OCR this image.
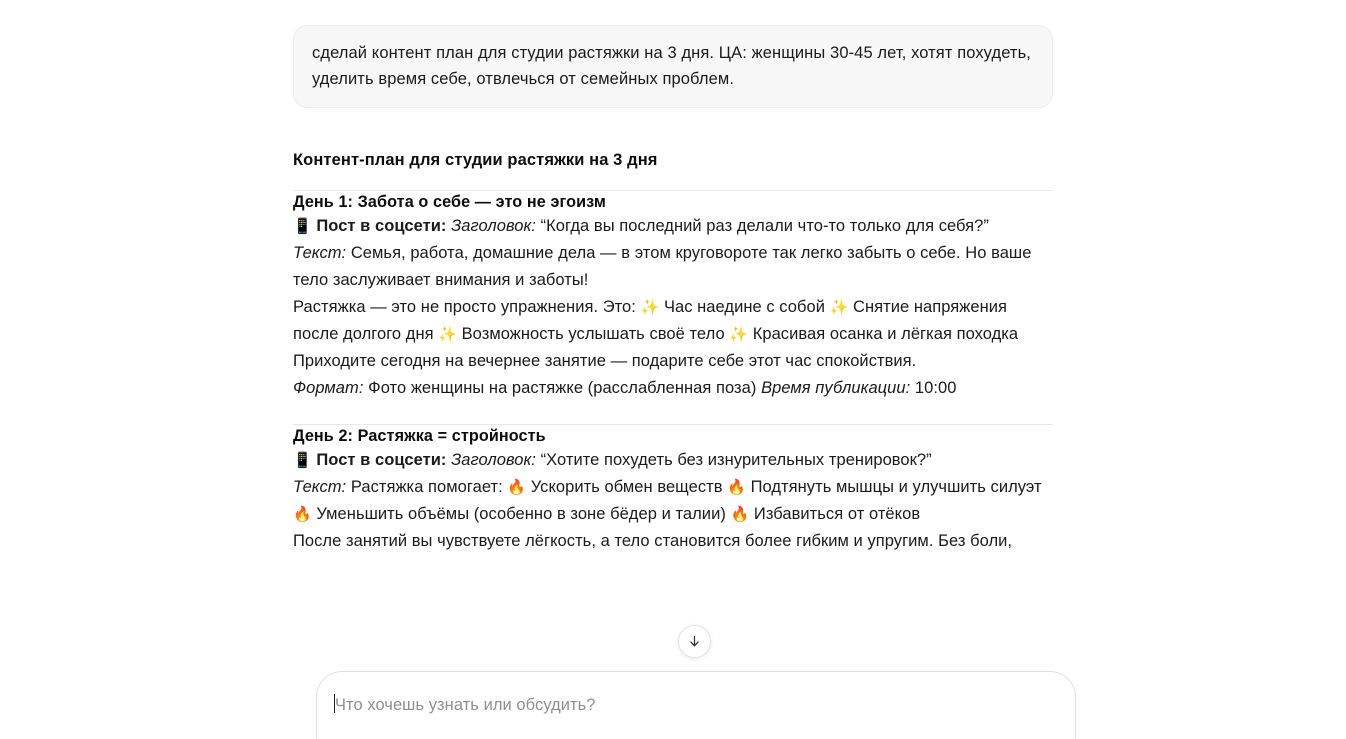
сделай контент план для студии растяжки на 3 дня. ЦА: женщины 30-45 лет, хотят похудеть, уделить время себе, отвлечься от семейных проблем.
Контент-план для студии растяжки на 3 дня
День 1: Забота о себе — это не эгоизм

📱 Пост в соцсети: Заголовок: “Когда вы последний раз делали что-то только для себя?”

Текст: Семья, работа, домашние дела — в этом круговороте так легко забыть о себе. Но ваше тело заслуживает внимания и заботы!

Растяжка — это не просто упражнения. Это: ✨ Час наедине с собой ✨ Снятие напряжения после долгого дня ✨ Возможность услышать своё тело ✨ Красивая осанка и лёгкая походка

Приходите сегодня на вечернее занятие — подарите себе этот час спокойствия.

Формат: Фото женщины на растяжке (расслабленная поза) Время публикации: 10:00

День 2: Растяжка = стройность

📱 Пост в соцсети: Заголовок: “Хотите похудеть без изнурительных тренировок?”

Текст: Растяжка помогает: 🔥 Ускорить обмен веществ 🔥 Подтянуть мышцы и улучшить силуэт 🔥 Уменьшить объёмы (особенно в зоне бёдер и талии) 🔥 Избавиться от отёков

После занятий вы чувствуете лёгкость, а тело становится более гибким и упругим. Без боли,

Что хочешь узнать или обсудить?
